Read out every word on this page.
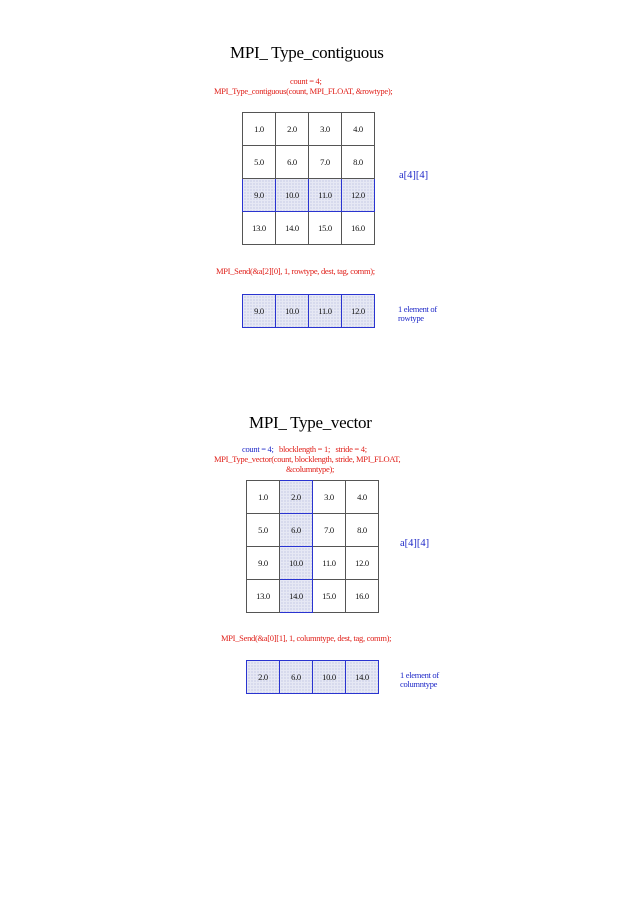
MPI_ Type_contiguous
count = 4;
MPI_Type_contiguous(count, MPI_FLOAT, &rowtype);
1.0	2.0	3.0	4.0
5.0	6.0	7.0	8.0
9.0	10.0	11.0	12.0
13.0	14.0	15.0	16.0
a[4][4]
MPI_Send(&a[2][0], 1, rowtype, dest, tag, comm);
9.0	10.0	11.0	12.0	1 element of
rowtype
MPI_ Type_vector
count = 4; blocklength = 1; stride = 4;
MPI_Type_vector(count, blocklength, stride, MPI_FLOAT,
&columntype);
1.0	2.0	3.0	4.0
5.0	6.0	7.0	8.0
9.0	10.0	11.0	12.0
13.0	14.0	15.0	16.0
a[4][4]
MPI_Send(&a[0][1], 1, columntype, dest, tag, comm);
2.0	6.0	10.0	14.0	1 element of
columntype
